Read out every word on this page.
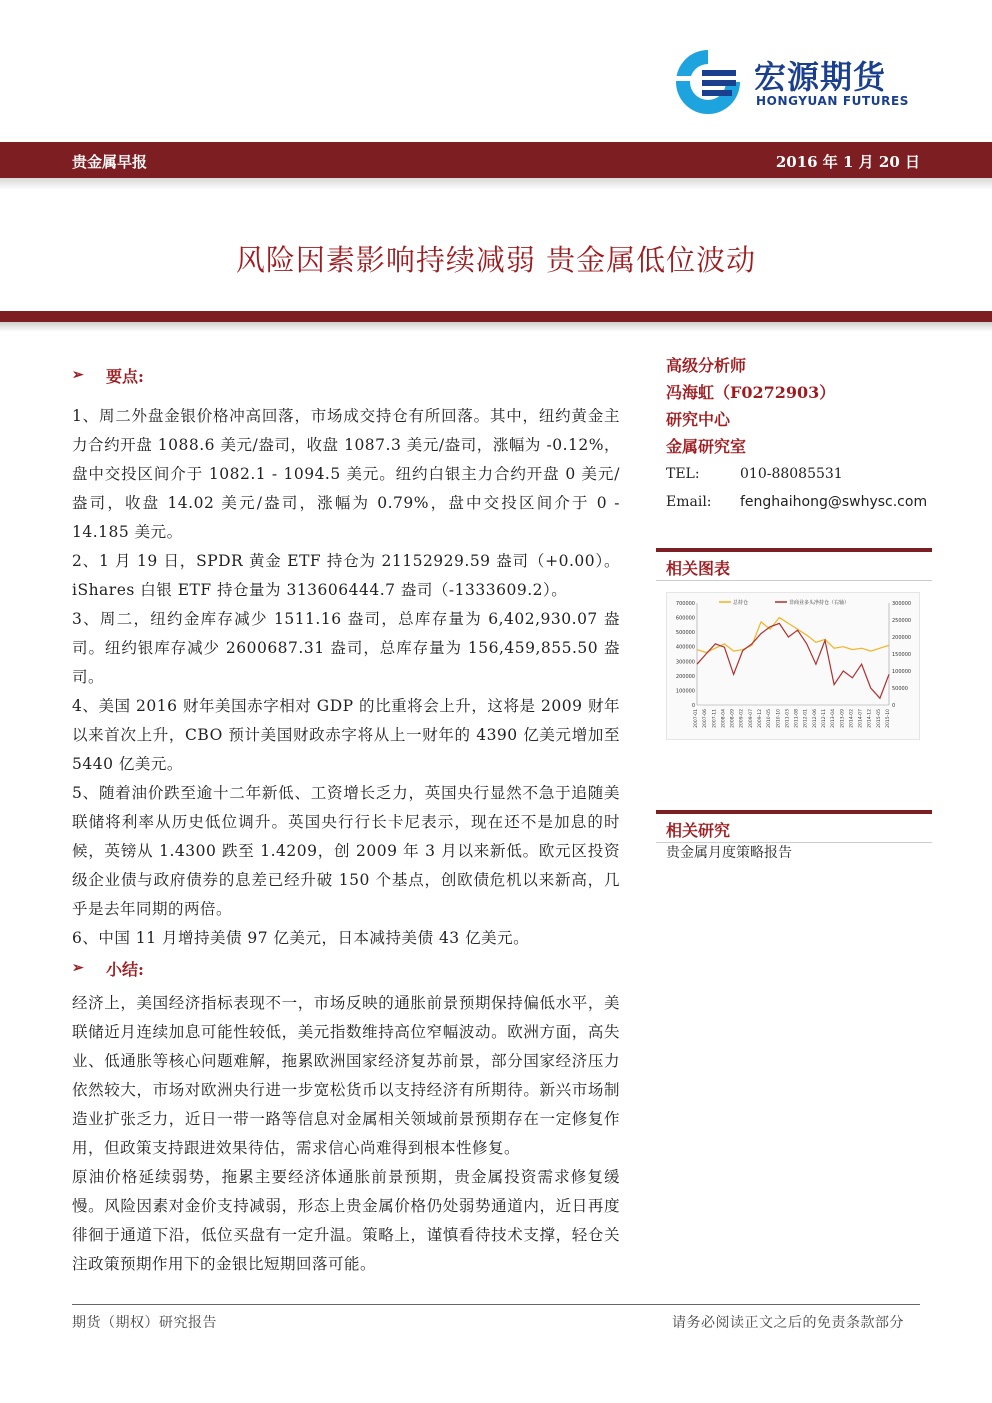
宏源期货
HONGYUAN FUTURES
贵金属早报	2016 年 1 月 20 日
风险因素影响持续减弱 贵金属低位波动
➢	要点:

1、周二外盘金银价格冲高回落，市场成交持仓有所回落。其中，纽约黄金主力合约开盘 1088.6 美元/盎司，收盘 1087.3 美元/盎司，涨幅为 -0.12%，盘中交投区间介于 1082.1 - 1094.5 美元。纽约白银主力合约开盘 0 美元/盎司，收盘 14.02 美元/盎司，涨幅为 0.79%，盘中交投区间介于 0 - 14.185 美元。

2、1 月 19 日，SPDR 黄金 ETF 持仓为 21152929.59 盎司（+0.00）。iShares 白银 ETF 持仓量为 313606444.7 盎司（-1333609.2）。

3、周二，纽约金库存减少 1511.16 盎司，总库存量为 6,402,930.07 盎司。纽约银库存减少 2600687.31 盎司，总库存量为 156,459,855.50 盎司。

4、美国 2016 财年美国赤字相对 GDP 的比重将会上升，这将是 2009 财年以来首次上升，CBO 预计美国财政赤字将从上一财年的 4390 亿美元增加至 5440 亿美元。

5、随着油价跌至逾十二年新低、工资增长乏力，英国央行显然不急于追随美联储将利率从历史低位调升。英国央行行长卡尼表示，现在还不是加息的时候，英镑从 1.4300 跌至 1.4209，创 2009 年 3 月以来新低。欧元区投资级企业债与政府债券的息差已经升破 150 个基点，创欧债危机以来新高，几乎是去年同期的两倍。

6、中国 11 月增持美债 97 亿美元，日本减持美债 43 亿美元。

➢	小结:

经济上，美国经济指标表现不一，市场反映的通胀前景预期保持偏低水平，美联储近月连续加息可能性较低，美元指数维持高位窄幅波动。欧洲方面，高失业、低通胀等核心问题难解，拖累欧洲国家经济复苏前景，部分国家经济压力依然较大，市场对欧洲央行进一步宽松货币以支持经济有所期待。新兴市场制造业扩张乏力，近日一带一路等信息对金属相关领域前景预期存在一定修复作用，但政策支持跟进效果待估，需求信心尚难得到根本性修复。

原油价格延续弱势，拖累主要经济体通胀前景预期，贵金属投资需求修复缓慢。风险因素对金价支持减弱，形态上贵金属价格仍处弱势通道内，近日再度徘徊于通道下沿，低位买盘有一定升温。策略上，谨慎看待技术支撑，轻仓关注政策预期作用下的金银比短期回落可能。

高级分析师
冯海虹（F0272903）
研究中心
金属研究室
TEL:	010-88085531
Email:	fenghaihong@swhysc.com
相关图表
700000
600000
500000
400000
300000
200000
100000
0
300000
250000
200000
150000
100000
50000
0
2007-01 2007-06 2007-11 2008-04 2008-09 2009-02 2009-07 2009-12 2010-05 2010-10 2011-03 2011-08 2012-01 2012-06 2012-11 2013-04 2013-09 2014-02 2014-07 2014-12 2015-05 2015-10
总持仓	非商业多头净持仓（右轴）
相关研究
贵金属月度策略报告
期货（期权）研究报告	请务必阅读正文之后的免责条款部分
